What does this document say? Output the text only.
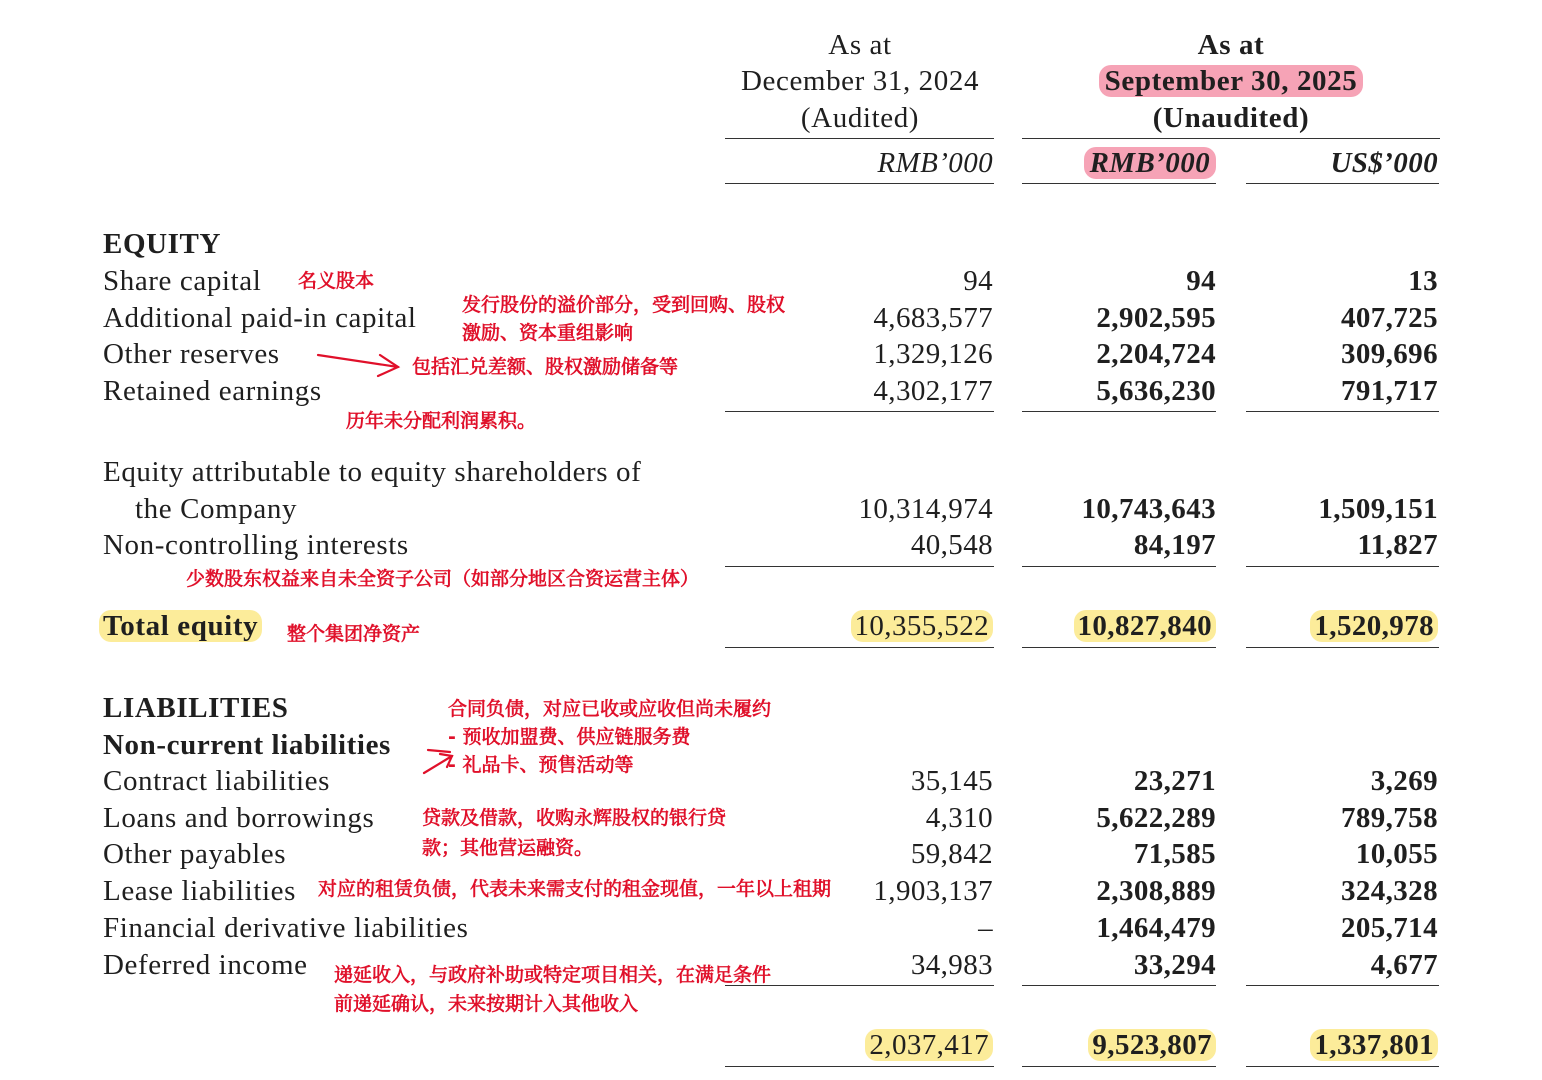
As at
December 31, 2024
(Audited)
RMB’000
As at
September 30, 2025
(Unaudited)
RMB’000	US$’000
EQUITY
Share capital	94	94	13
Additional paid-in capital	4,683,577	2,902,595	407,725
Other reserves	1,329,126	2,204,724	309,696
Retained earnings	4,302,177	5,636,230	791,717
Equity attributable to equity shareholders of
the Company	10,314,974	10,743,643	1,509,151
Non-controlling interests	40,548	84,197	11,827
Total equity	10,355,522	10,827,840	1,520,978
LIABILITIES
Non-current liabilities
Contract liabilities	35,145	23,271	3,269
Loans and borrowings	4,310	5,622,289	789,758
Other payables	59,842	71,585	10,055
Lease liabilities	1,903,137	2,308,889	324,328
Financial derivative liabilities	–	1,464,479	205,714
Deferred income	34,983	33,294	4,677
2,037,417	9,523,807	1,337,801
名义股本
发行股份的溢价部分，受到回购、股权
激励、资本重组影响
包括汇兑差额、股权激励储备等
历年未分配利润累积。
少数股东权益来自未全资子公司（如部分地区合资运营主体）
整个集团净资产
合同负债，对应已收或应收但尚未履约
- 预收加盟费、供应链服务费
- 礼品卡、预售活动等
贷款及借款，收购永辉股权的银行贷
款；其他营运融资。
对应的租赁负债，代表未来需支付的租金现值，一年以上租期
递延收入，与政府补助或特定项目相关，在满足条件
前递延确认，未来按期计入其他收入
